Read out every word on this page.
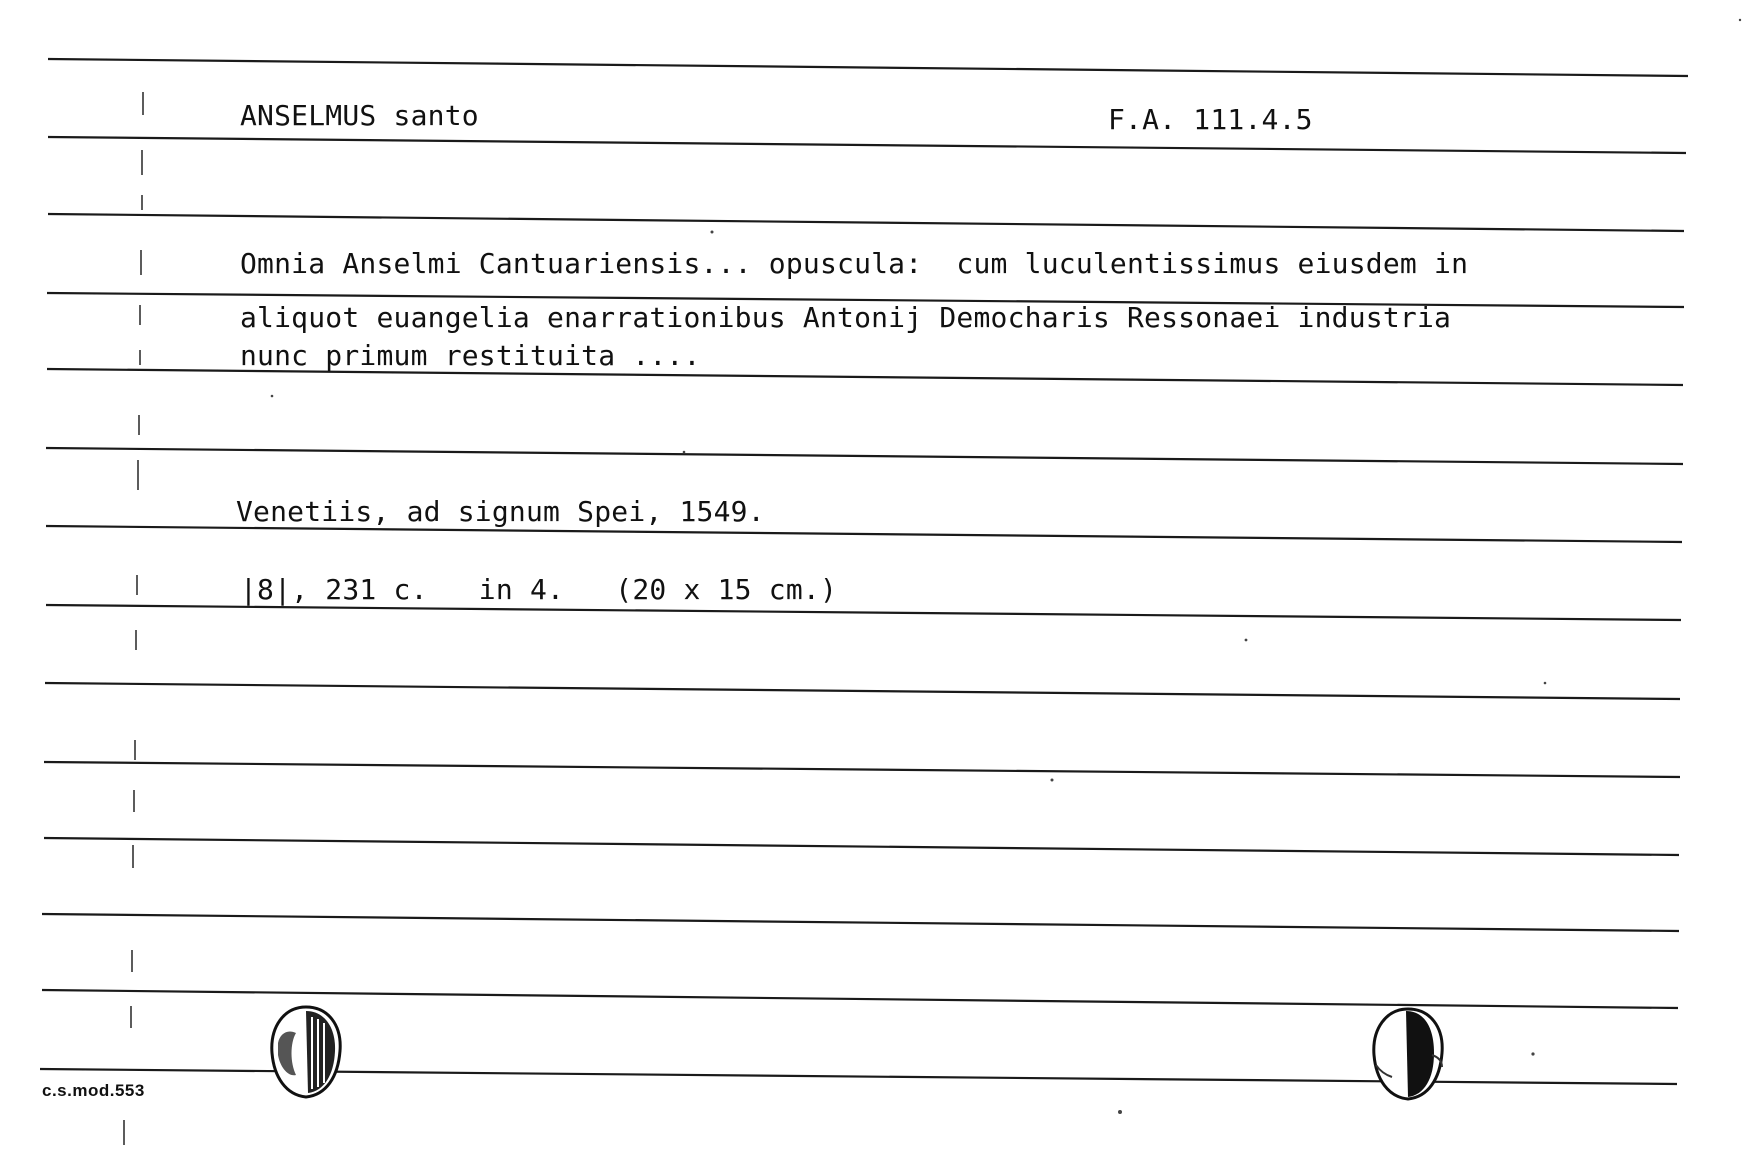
ANSELMUS santo	F.A. 111.4.5
Omnia Anselmi Cantuariensis... opuscula:  cum luculentissimus eiusdem in
aliquot euangelia enarrationibus Antonij Democharis Ressonaei industria
nunc primum restituita ....
Venetiis, ad signum Spei, 1549.
|8|, 231 c.   in 4.   (20 x 15 cm.)
c.s.mod.553
